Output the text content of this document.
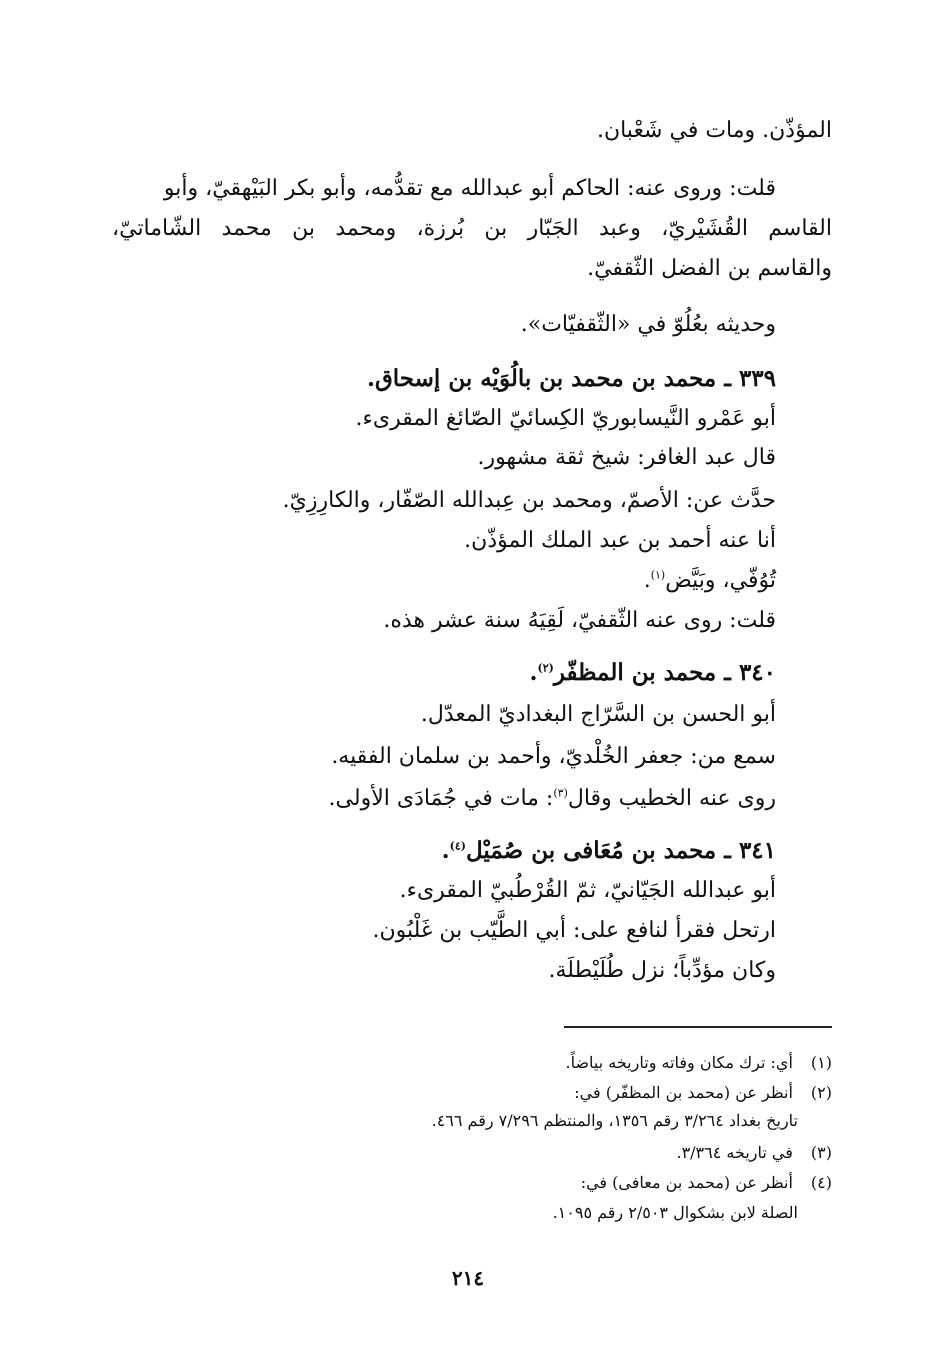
المؤذّن. ومات في شَعْبان.
قلت: وروى عنه: الحاكم أبو عبدالله مع تقدُّمه، وأبو بكر البَيْهقيّ، وأبو
القاسم القُشَيْريّ، وعبد الجَبّار بن بُرزة، ومحمد بن محمد الشّاماتيّ،
والقاسم بن الفضل الثّقفيّ.
وحديثه بعُلُوّ في «الثّقفيّات».
٣٣٩ ـ محمد بن محمد بن بالُوَيْه بن إسحاق.
أبو عَمْرو النَّيسابوريّ الكِسائيّ الصّائغ المقرىء.
قال عبد الغافر: شيخ ثقة مشهور.
حدَّث عن: الأصمّ، ومحمد بن عِبدالله الصّفّار، والكارِزِيّ.
أنا عنه أحمد بن عبد الملك المؤذّن.
تُوُفّي، وبَيَّض$^{(١)}$.
قلت: روى عنه الثّقفيّ، لَقِيَهُ سنة عشر هذه.
٣٤٠ ـ محمد بن المظفّر$^{(٢)}$.
أبو الحسن بن السَّرّاج البغداديّ المعدّل.
سمع من: جعفر الخُلْديّ، وأحمد بن سلمان الفقيه.
روى عنه الخطيب وقال$^{(٣)}$: مات في جُمَادَى الأولى.
٣٤١ ـ محمد بن مُعَافى بن صُمَيْل$^{(٤)}$.
أبو عبدالله الجَيّانيّ، ثمّ القُرْطُبيّ المقرىء.
ارتحل فقرأ لنافع على: أبي الطَّيّب بن غَلْبُون.
وكان مؤدِّباً؛ نزل طُلَيْطلَة.
(١) أي: ترك مكان وفاته وتاريخه بياضاً.
(٢) أنظر عن (محمد بن المظفّر) في:
تاريخ بغداد ٣/٢٦٤ رقم ١٣٥٦، والمنتظم ٧/٢٩٦ رقم ٤٦٦.
(٣) في تاريخه ٣/٣٦٤.
(٤) أنظر عن (محمد بن معافى) في:
الصلة لابن بشكوال ٢/٥٠٣ رقم ١٠٩٥.
٢١٤
